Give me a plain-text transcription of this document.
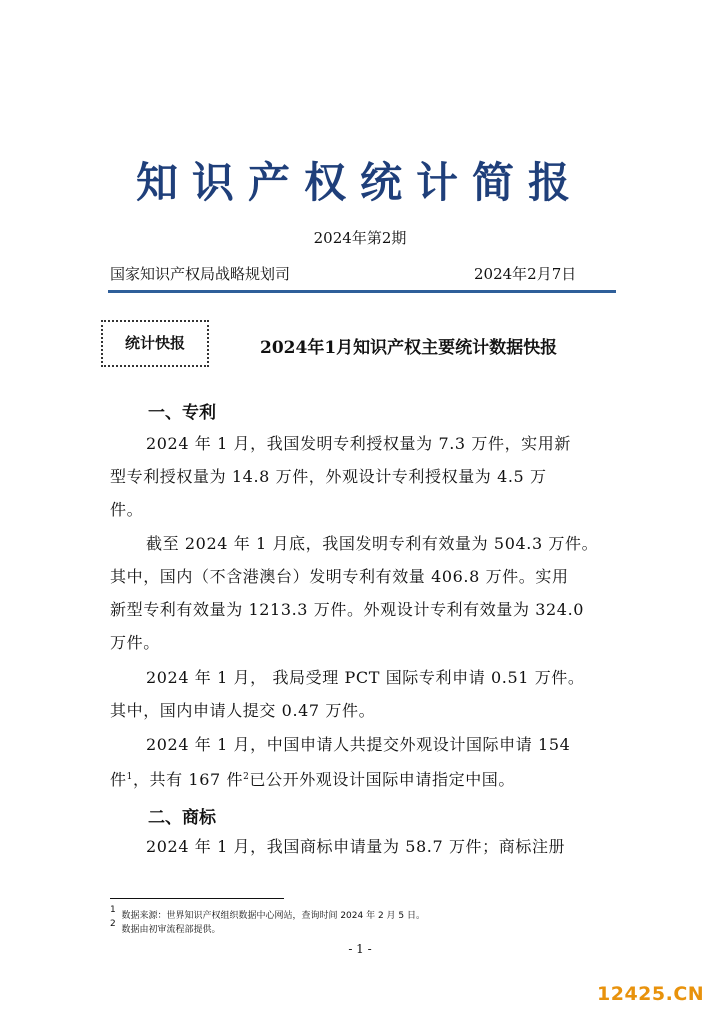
知识产权统计简报
2024年第2期
国家知识产权局战略规划司	2024年2月7日
统计快报	2024年1月知识产权主要统计数据快报
一、专利
2024 年 1 月，我国发明专利授权量为 7.3 万件，实用新
型专利授权量为 14.8 万件，外观设计专利授权量为 4.5 万
件。
截至 2024 年 1 月底，我国发明专利有效量为 504.3 万件。
其中，国内（不含港澳台）发明专利有效量 406.8 万件。实用
新型专利有效量为 1213.3 万件。外观设计专利有效量为 324.0
万件。
2024 年 1 月， 我局受理 PCT 国际专利申请 0.51 万件。
其中，国内申请人提交 0.47 万件。
2024 年 1 月，中国申请人共提交外观设计国际申请 154
件$^1$，共有 167 件$^2$已公开外观设计国际申请指定中国。
二、商标
2024 年 1 月，我国商标申请量为 58.7 万件；商标注册
$^1$  数据来源：世界知识产权组织数据中心网站，查询时间 2024 年 2 月 5 日。
$^2$  数据由初审流程部提供。
- 1 -
12425.CN
